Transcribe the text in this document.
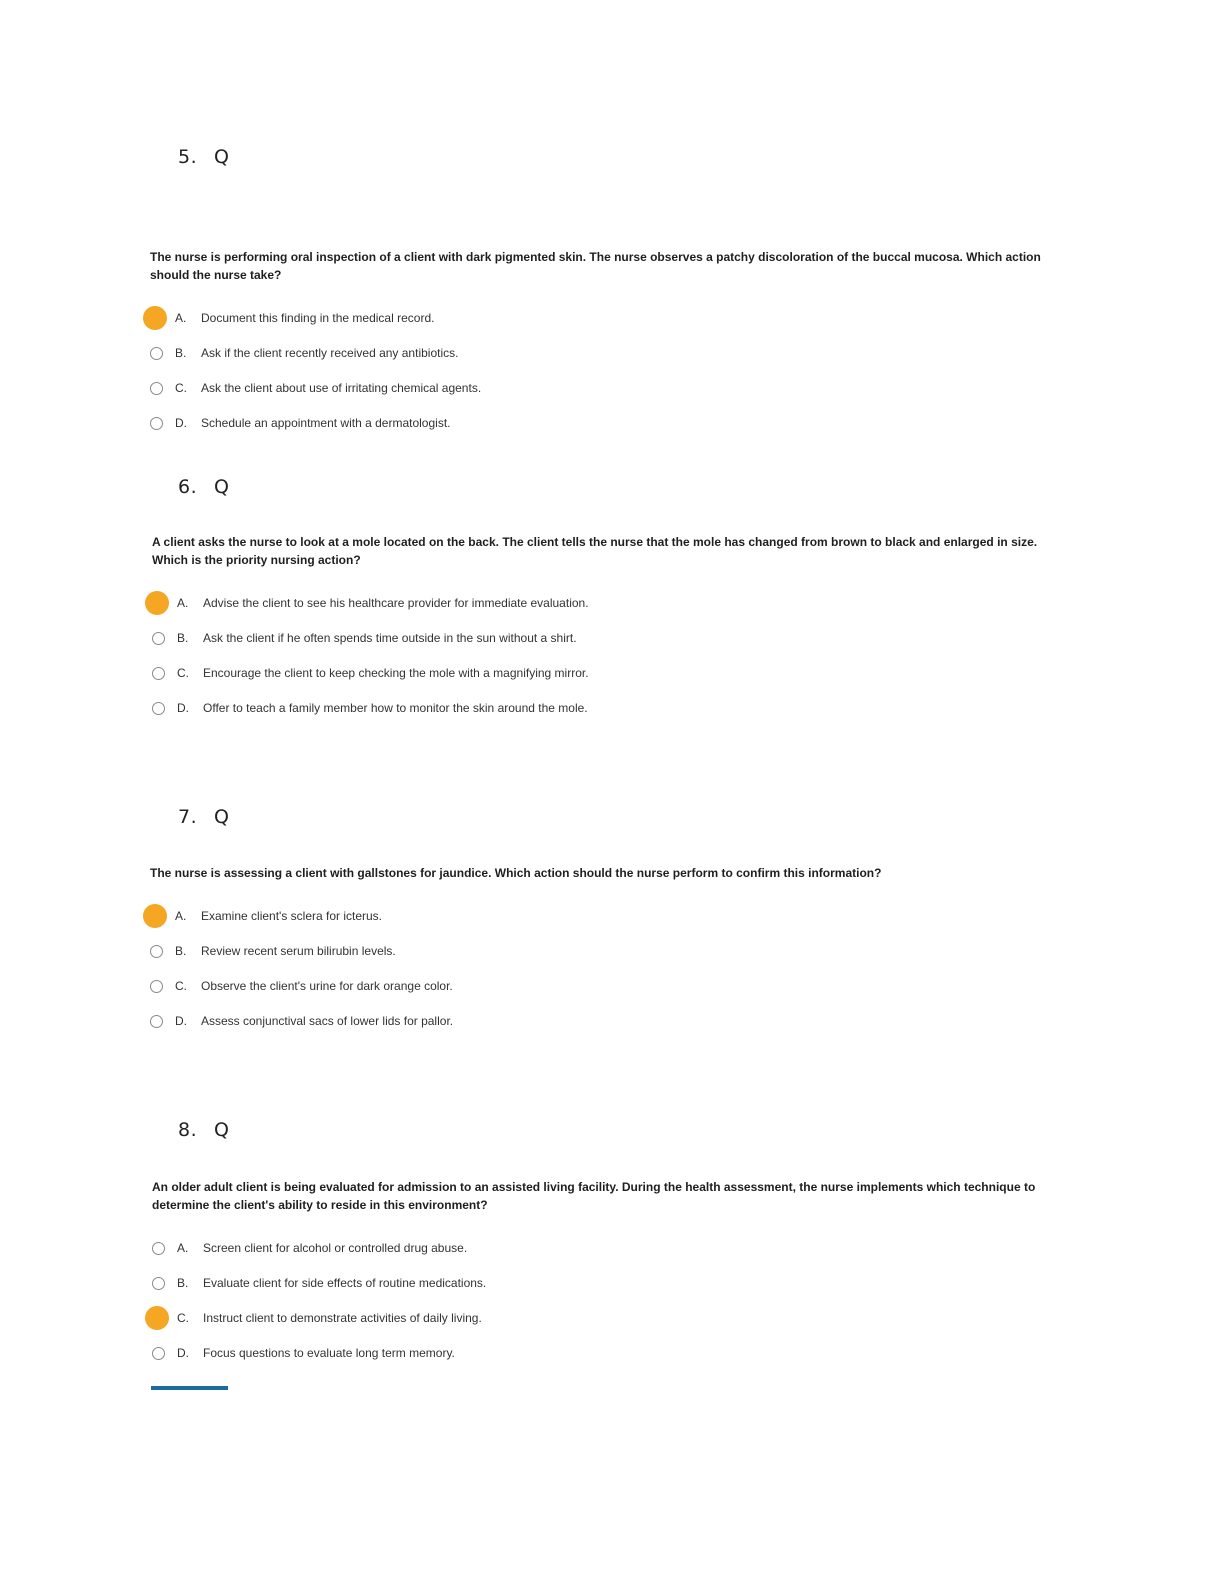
5. Q
The nurse is performing oral inspection of a client with dark pigmented skin. The nurse observes a patchy discoloration of the buccal mucosa. Which action should the nurse take?
A.	Document this finding in the medical record.
B.	Ask if the client recently received any antibiotics.
C.	Ask the client about use of irritating chemical agents.
D.	Schedule an appointment with a dermatologist.
6. Q
A client asks the nurse to look at a mole located on the back. The client tells the nurse that the mole has changed from brown to black and enlarged in size. Which is the priority nursing action?
A.	Advise the client to see his healthcare provider for immediate evaluation.
B.	Ask the client if he often spends time outside in the sun without a shirt.
C.	Encourage the client to keep checking the mole with a magnifying mirror.
D.	Offer to teach a family member how to monitor the skin around the mole.
7. Q
The nurse is assessing a client with gallstones for jaundice. Which action should the nurse perform to confirm this information?
A.	Examine client's sclera for icterus.
B.	Review recent serum bilirubin levels.
C.	Observe the client's urine for dark orange color.
D.	Assess conjunctival sacs of lower lids for pallor.
8. Q
An older adult client is being evaluated for admission to an assisted living facility. During the health assessment, the nurse implements which technique to determine the client's ability to reside in this environment?
A.	Screen client for alcohol or controlled drug abuse.
B.	Evaluate client for side effects of routine medications.
C.	Instruct client to demonstrate activities of daily living.
D.	Focus questions to evaluate long term memory.
